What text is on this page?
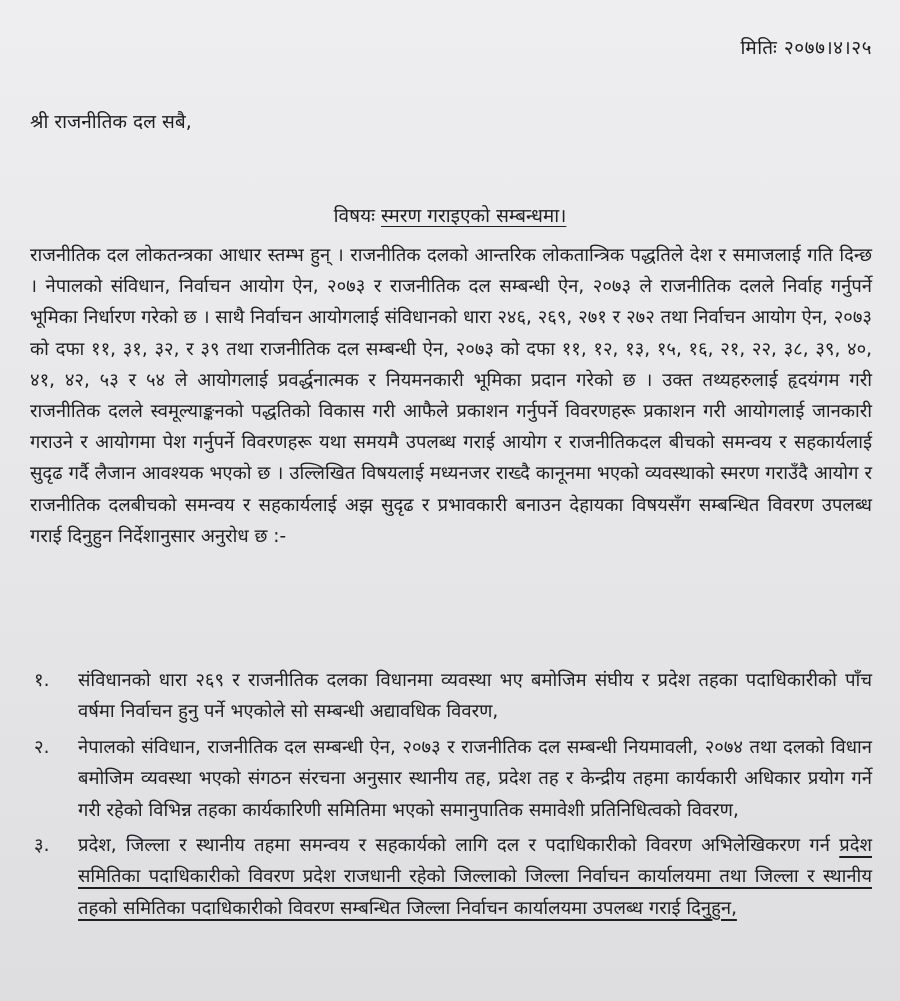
मितिः २०७७।४।२५
श्री राजनीतिक दल सबै,
विषयः स्मरण गराइएको सम्बन्धमा।
राजनीतिक दल लोकतन्त्रका आधार स्तम्भ हुन् । राजनीतिक दलको आन्तरिक लोकतान्त्रिक पद्धतिले देश र समाजलाई गति दिन्छ । नेपालको संविधान, निर्वाचन आयोग ऐन, २०७३ र राजनीतिक दल सम्बन्धी ऐन, २०७३ ले राजनीतिक दलले निर्वाह गर्नुपर्ने भूमिका निर्धारण गरेको छ । साथै निर्वाचन आयोगलाई संविधानको धारा २४६, २६९, २७१ र २७२ तथा निर्वाचन आयोग ऐन, २०७३ को दफा ११, ३१, ३२, र ३९ तथा राजनीतिक दल सम्बन्धी ऐन, २०७३ को दफा ११, १२, १३, १५, १६, २१, २२, ३८, ३९, ४०, ४१, ४२, ५३ र ५४ ले आयोगलाई प्रवर्द्धनात्मक र नियमनकारी भूमिका प्रदान गरेको छ । उक्त तथ्यहरुलाई हृदयंगम गरी राजनीतिक दलले स्वमूल्याङ्कनको पद्धतिको विकास गरी आफैले प्रकाशन गर्नुपर्ने विवरणहरू प्रकाशन गरी आयोगलाई जानकारी गराउने र आयोगमा पेश गर्नुपर्ने विवरणहरू यथा समयमै उपलब्ध गराई आयोग र राजनीतिकदल बीचको समन्वय र सहकार्यलाई सुदृढ गर्दै लैजान आवश्यक भएको छ । उल्लिखित विषयलाई मध्यनजर राख्दै कानूनमा भएको व्यवस्थाको स्मरण गराउँदै आयोग र राजनीतिक दलबीचको समन्वय र सहकार्यलाई अझ सुदृढ र प्रभावकारी बनाउन देहायका विषयसँग सम्बन्धित विवरण उपलब्ध गराई दिनुहुन निर्देशानुसार अनुरोध छ :-
१. संविधानको धारा २६९ र राजनीतिक दलका विधानमा व्यवस्था भए बमोजिम संघीय र प्रदेश तहका पदाधिकारीको पाँच वर्षमा निर्वाचन हुनु पर्ने भएकोले सो सम्बन्धी अद्यावधिक विवरण,
२. नेपालको संविधान, राजनीतिक दल सम्बन्धी ऐन, २०७३ र राजनीतिक दल सम्बन्धी नियमावली, २०७४ तथा दलको विधान बमोजिम व्यवस्था भएको संगठन संरचना अनुसार स्थानीय तह, प्रदेश तह र केन्द्रीय तहमा कार्यकारी अधिकार प्रयोग गर्ने गरी रहेको विभिन्न तहका कार्यकारिणी समितिमा भएको समानुपातिक समावेशी प्रतिनिधित्वको विवरण,
३. प्रदेश, जिल्ला र स्थानीय तहमा समन्वय र सहकार्यको लागि दल र पदाधिकारीको विवरण अभिलेखिकरण गर्न प्रदेश समितिका पदाधिकारीको विवरण प्रदेश राजधानी रहेको जिल्लाको जिल्ला निर्वाचन कार्यालयमा तथा जिल्ला र स्थानीय तहको समितिका पदाधिकारीको विवरण सम्बन्धित जिल्ला निर्वाचन कार्यालयमा उपलब्ध गराई दिनुहुन,
